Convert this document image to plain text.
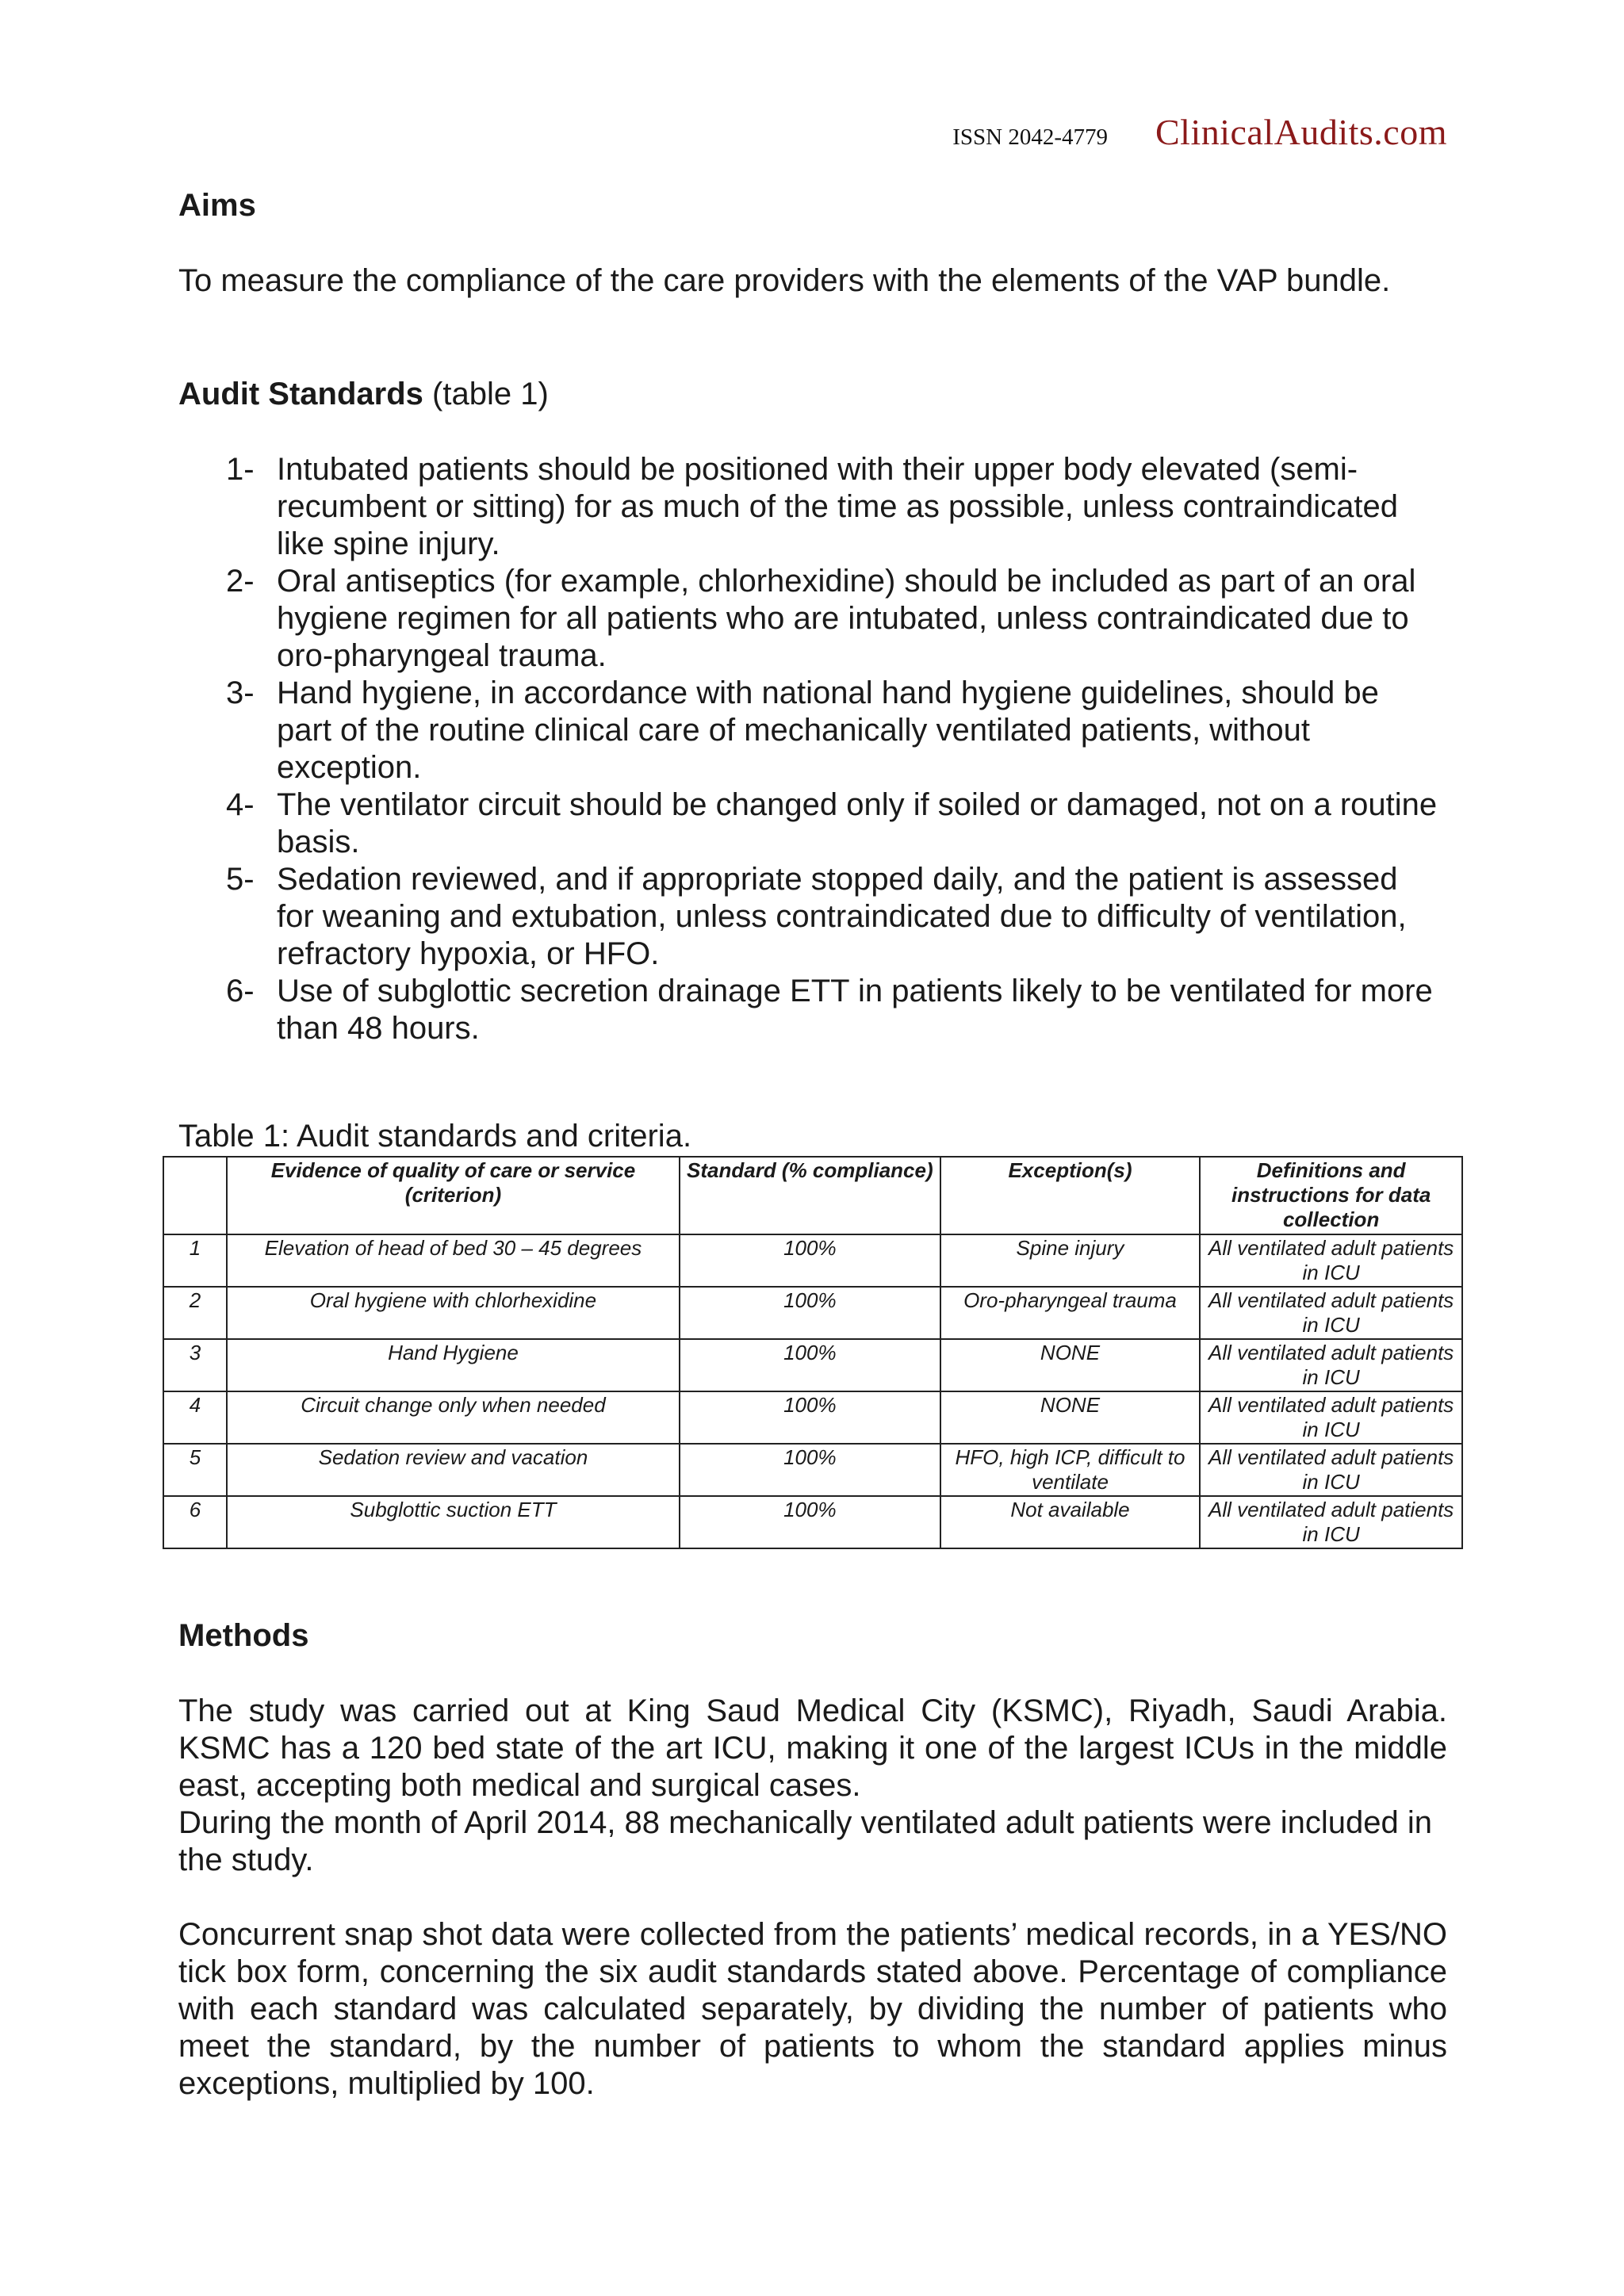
ISSN 2042-4779 ClinicalAudits.com

Aims

To measure the compliance of the care providers with the elements of the VAP bundle.

Audit Standards (table 1)

1- Intubated patients should be positioned with their upper body elevated (semi-recumbent or sitting) for as much of the time as possible, unless contraindicated like spine injury.
2- Oral antiseptics (for example, chlorhexidine) should be included as part of an oral hygiene regimen for all patients who are intubated, unless contraindicated due to oro-pharyngeal trauma.
3- Hand hygiene, in accordance with national hand hygiene guidelines, should be part of the routine clinical care of mechanically ventilated patients, without exception.
4- The ventilator circuit should be changed only if soiled or damaged, not on a routine basis.
5- Sedation reviewed, and if appropriate stopped daily, and the patient is assessed for weaning and extubation, unless contraindicated due to difficulty of ventilation, refractory hypoxia, or HFO.
6- Use of subglottic secretion drainage ETT in patients likely to be ventilated for more than 48 hours.

Table 1: Audit standards and criteria.

	Evidence of quality of care or service (criterion)	Standard (% compliance)	Exception(s)	Definitions and instructions for data collection
1	Elevation of head of bed 30 – 45 degrees	100%	Spine injury	All ventilated adult patients in ICU
2	Oral hygiene with chlorhexidine	100%	Oro-pharyngeal trauma	All ventilated adult patients in ICU
3	Hand Hygiene	100%	NONE	All ventilated adult patients in ICU
4	Circuit change only when needed	100%	NONE	All ventilated adult patients in ICU
5	Sedation review and vacation	100%	HFO, high ICP, difficult to ventilate	All ventilated adult patients in ICU
6	Subglottic suction ETT	100%	Not available	All ventilated adult patients in ICU

Methods

The study was carried out at King Saud Medical City (KSMC), Riyadh, Saudi Arabia. KSMC has a 120 bed state of the art ICU, making it one of the largest ICUs in the middle east, accepting both medical and surgical cases.

During the month of April 2014, 88 mechanically ventilated adult patients were included in the study.

Concurrent snap shot data were collected from the patients’ medical records, in a YES/NO tick box form, concerning the six audit standards stated above. Percentage of compliance with each standard was calculated separately, by dividing the number of patients who meet the standard, by the number of patients to whom the standard applies minus exceptions, multiplied by 100.
